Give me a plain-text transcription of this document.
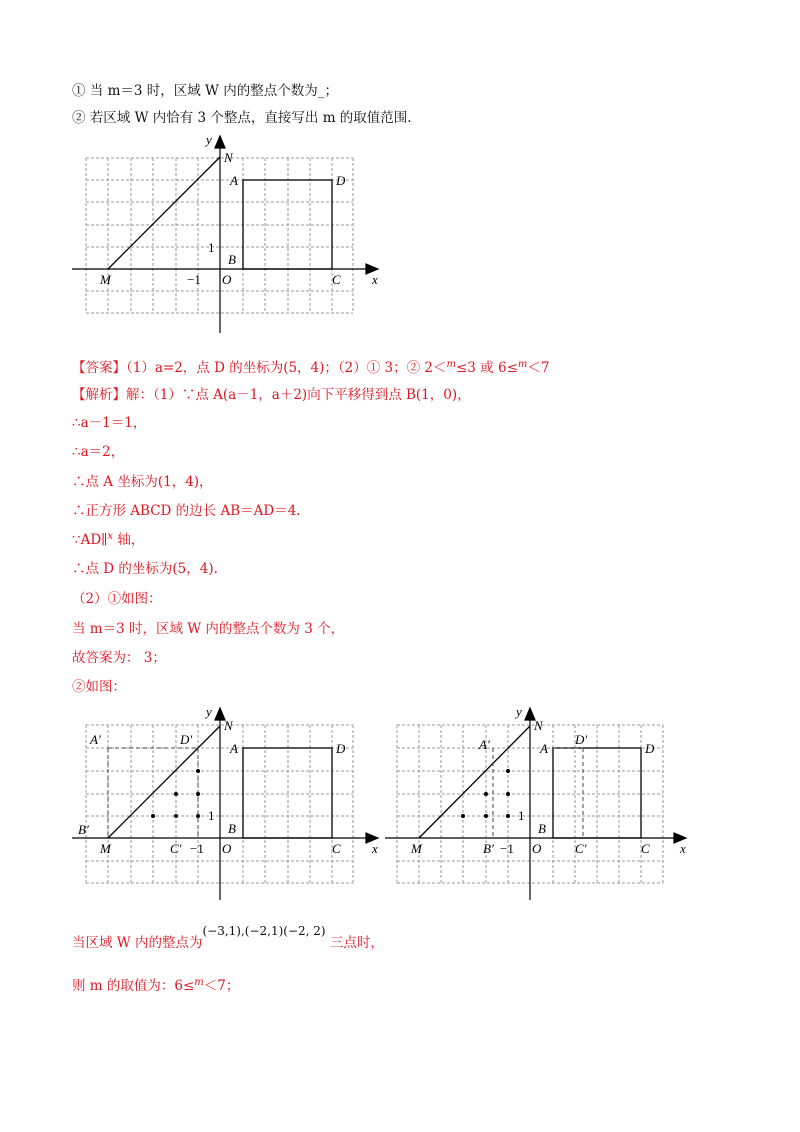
① 当 m＝3 时，区域 W 内的整点个数为_；
② 若区域 W 内恰有 3 个整点，直接写出 m 的取值范围.
y
x
N
A	D
1
B
O
−1
M	C
【答案】（1）a=2，点 D 的坐标为(5，4)；（2）① 3；② 2＜$^m$≤3 或 6≤$^m$＜7
【解析】解：（1）∵点 A(a－1，a＋2)向下平移得到点 B(1，0)，
∴a－1＝1，
∴a＝2，
∴点 A 坐标为(1，4)，
∴正方形 ABCD 的边长 AB＝AD＝4.
∵AD∥$^x$ 轴，
∴点 D 的坐标为(5，4).
（2）①如图：
当 m＝3 时，区域 W 内的整点个数为 3 个，
故答案为： 3；
②如图：
y
x
N
A	D
A′	D′
1
B′	B
O
M	C′ −1	C
y
x
N
A	D
A′	D′
1
B
O
M	B′ −1	C′	C
当区域 W 内的整点为(−3,1),(−2,1)(−2, 2) 三点时，
则 m 的取值为：6≤$^m$＜7；
